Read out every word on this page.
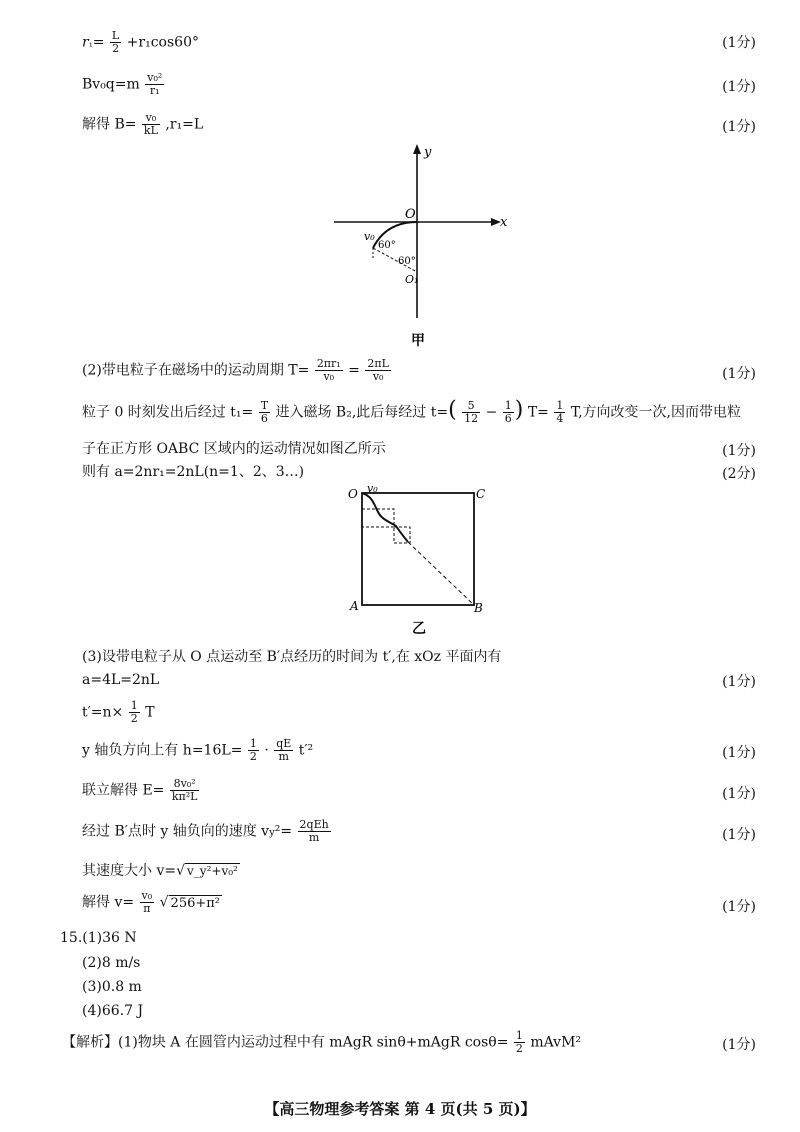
$r_1= \frac{L}{2} +r_1\cos 60^\circ$	(1分)
$Bv_0q=m \frac{\text{v₀²}}{\text{r₁}}$	(1分)
解得 $B= \frac{\text{v₀}}{kL} ,r_1=L$	(1分)
y
x
O
v₀
60°
60°
O₁
甲
(2)带电粒子在磁场中的运动周期 $T= \frac{\text{2πr₁}}{\text{v₀}} = \frac{2\pi L}{\text{v₀}}$	(1分)
粒子 0 时刻发出后经过 $t_1= \frac{T}{6}$ 进入磁场 B₂,此后每经过 $t=( \frac{5}{12} - \frac{1}{6}$ ) $T= \frac{1}{4} T$,方向改变一次,因而带电粒
子在正方形 OABC 区域内的运动情况如图乙所示	(1分)
则有 a=2nr₁=2nL(n=1、2、3…)	(2分)
O v₀	C
A	B
乙
(3)设带电粒子从 O 点运动至 B′点经历的时间为 t′,在 xOz 平面内有
a=4L=2nL	(1分)
$t'=n\times \frac{1}{2}$ T
y 轴负方向上有 $h=16L= \frac{1}{2} \cdot \frac{qE}{m} t'^2$	(1分)
联立解得 $E= \frac{\text{8v₀²}}{\text{kπ²L}}$	(1分)
经过 B′点时 y 轴负向的速度 vy²= 2qEh
m	(1分)
其速度大小 v=√ v_y²+v₀²
解得 $v= \frac{\text{v₀}}{\pi}$ √ 256+π²	(1分)
15.(1)36 N
(2)8 m/s
(3)0.8 m
(4)66.7 J
【解析】(1)物块 A 在圆管内运动过程中有 mAgR sinθ+mAgR $\cos\theta= \frac{1}{2}$ mAvM²	(1分)
【高三物理参考答案 第 4 页(共 5 页)】
